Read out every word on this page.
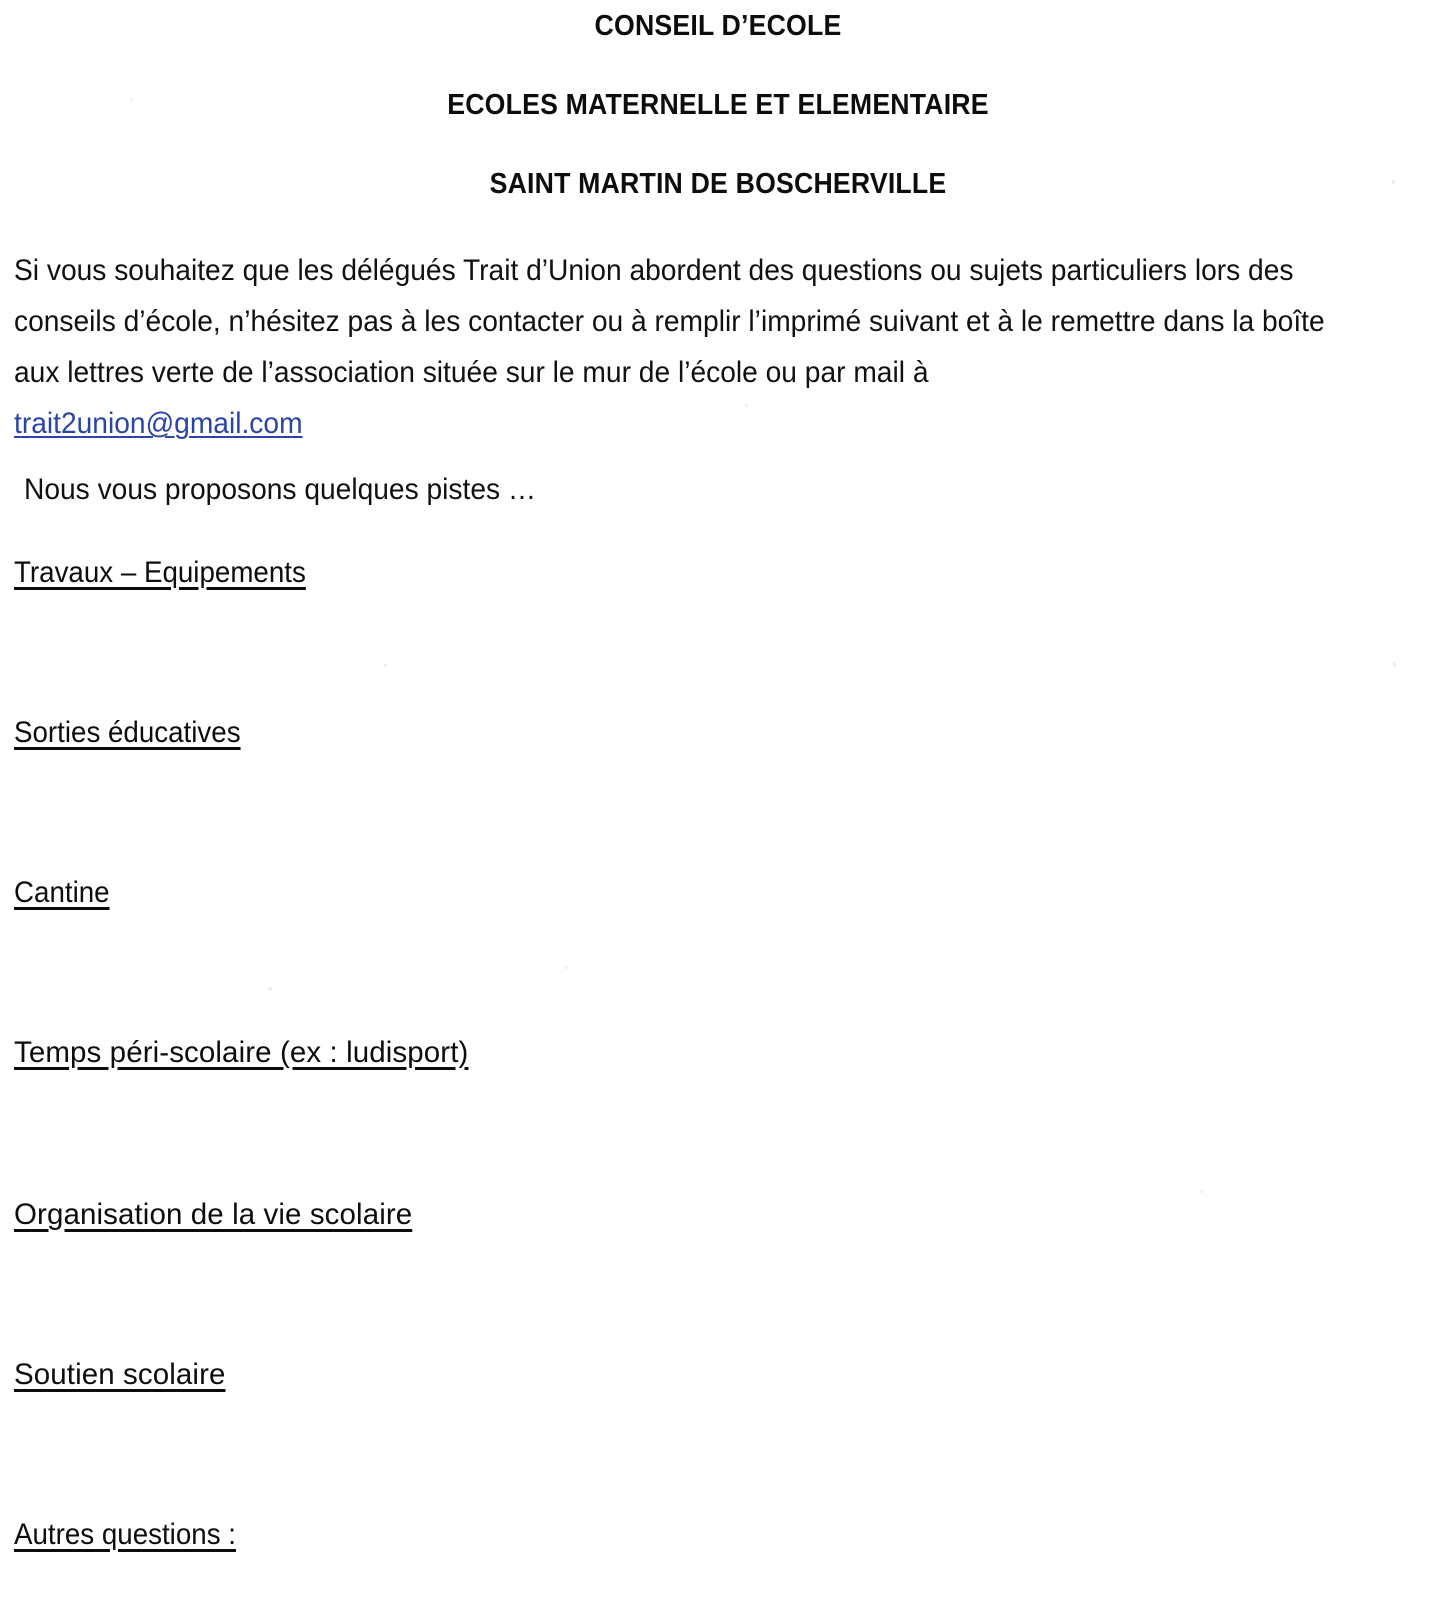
CONSEIL D’ECOLE
ECOLES MATERNELLE ET ELEMENTAIRE
SAINT MARTIN DE BOSCHERVILLE
Si vous souhaitez que les délégués Trait d’Union abordent des questions ou sujets particuliers lors des conseils d’école, n’hésitez pas à les contacter ou à remplir l’imprimé suivant et à le remettre dans la boîte aux lettres verte de l’association située sur le mur de l’école ou par mail à
trait2union@gmail.com
Nous vous proposons quelques pistes …
Travaux – Equipements
Sorties éducatives
Cantine
Temps péri-scolaire (ex : ludisport)
Organisation de la vie scolaire
Soutien scolaire
Autres questions :
